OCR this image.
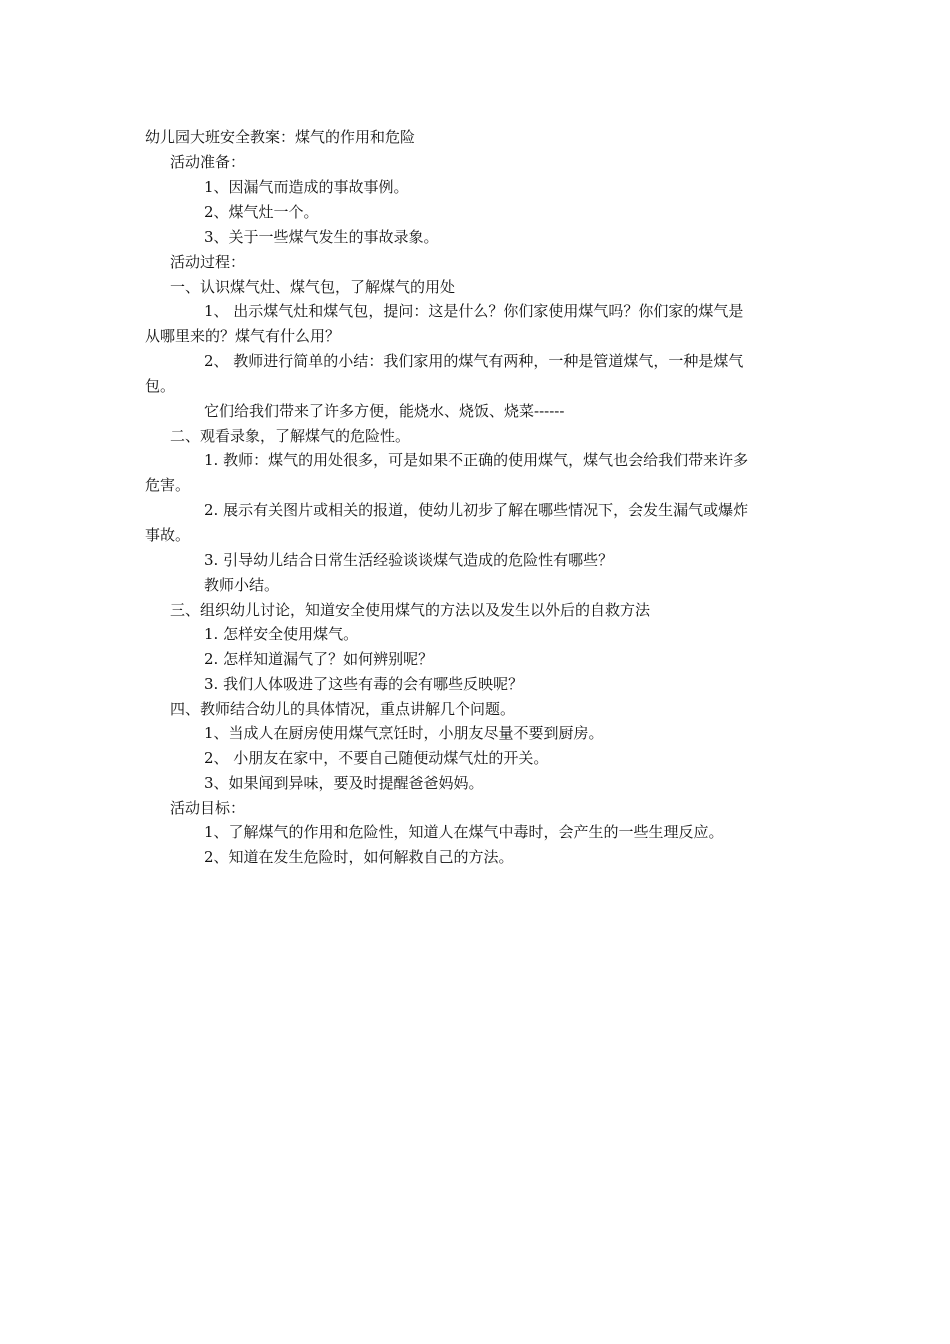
幼儿园大班安全教案：煤气的作用和危险
活动准备：
1、因漏气而造成的事故事例。
2、煤气灶一个。
3、关于一些煤气发生的事故录象。
活动过程：
一、认识煤气灶、煤气包，了解煤气的用处
1、 出示煤气灶和煤气包，提问：这是什么？你们家使用煤气吗？你们家的煤气是
从哪里来的？煤气有什么用？
2、 教师进行简单的小结：我们家用的煤气有两种，一种是管道煤气，一种是煤气
包。
它们给我们带来了许多方便，能烧水、烧饭、烧菜------
二、观看录象，了解煤气的危险性。
1. 教师：煤气的用处很多，可是如果不正确的使用煤气，煤气也会给我们带来许多
危害。
2. 展示有关图片或相关的报道，使幼儿初步了解在哪些情况下，会发生漏气或爆炸
事故。
3. 引导幼儿结合日常生活经验谈谈煤气造成的危险性有哪些？
教师小结。
三、组织幼儿讨论，知道安全使用煤气的方法以及发生以外后的自救方法
1. 怎样安全使用煤气。
2. 怎样知道漏气了？如何辨别呢？
3. 我们人体吸进了这些有毒的会有哪些反映呢？
四、教师结合幼儿的具体情况，重点讲解几个问题。
1、当成人在厨房使用煤气烹饪时，小朋友尽量不要到厨房。
2、 小朋友在家中，不要自己随便动煤气灶的开关。
3、如果闻到异味，要及时提醒爸爸妈妈。
活动目标：
1、了解煤气的作用和危险性，知道人在煤气中毒时，会产生的一些生理反应。
2、知道在发生危险时，如何解救自己的方法。
